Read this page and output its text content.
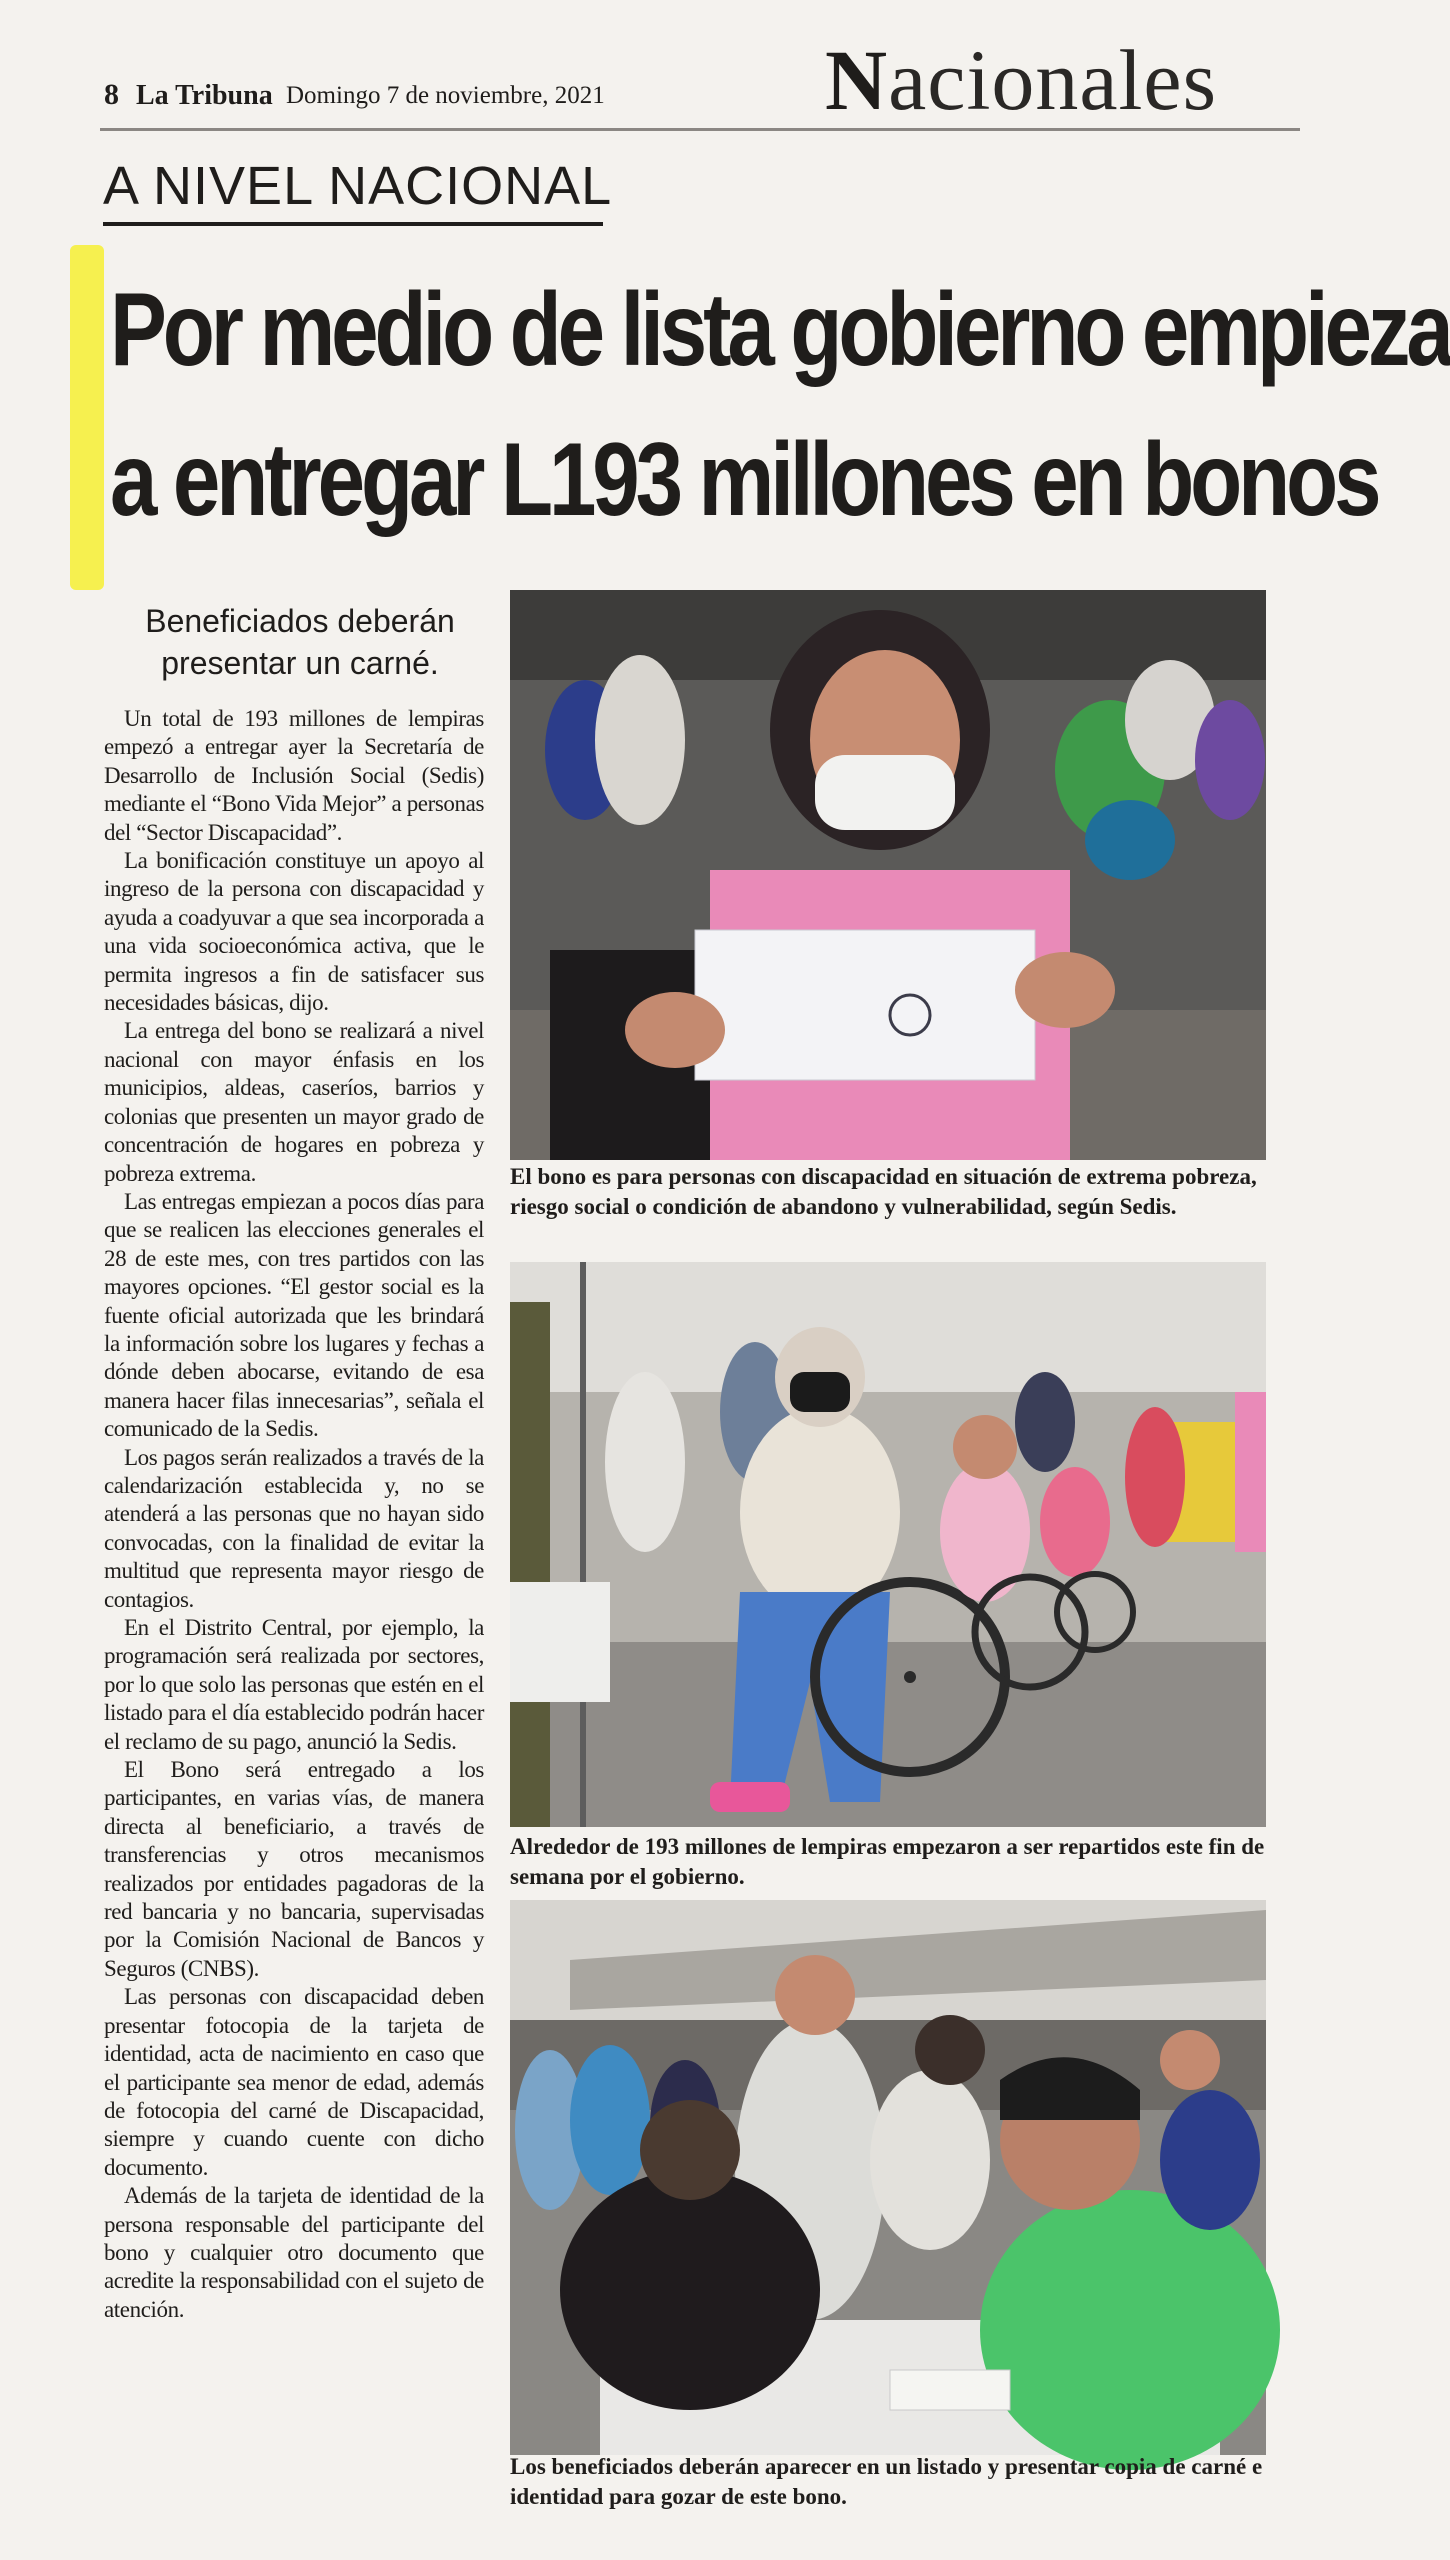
8 La Tribuna Domingo 7 de noviembre, 2021	Nacionales
A NIVEL NACIONAL
Por medio de lista gobierno empieza
a entregar L193 millones en bonos
Beneficiados deberán presentar un carné.

Un total de 193 millones de lempiras empezó a entregar ayer la Secretaría de Desarrollo de Inclusión Social (Sedis) mediante el “Bono Vida Mejor” a personas del “Sector Discapacidad”.

La bonificación constituye un apoyo al ingreso de la persona con discapacidad y ayuda a coadyuvar a que sea incorporada a una vida socioeconómica activa, que le permita ingresos a fin de satisfacer sus necesidades básicas, dijo.

La entrega del bono se realizará a nivel nacional con mayor énfasis en los municipios, aldeas, caseríos, barrios y colonias que presenten un mayor grado de concentración de hogares en pobreza y pobreza extrema.

Las entregas empiezan a pocos días para que se realicen las elecciones generales el 28 de este mes, con tres partidos con las mayores opciones. “El gestor social es la fuente oficial autorizada que les brindará la información sobre los lugares y fechas a dónde deben abocarse, evitando de esa manera hacer filas innecesarias”, señala el comunicado de la Sedis.

Los pagos serán realizados a través de la calendarización establecida y, no se atenderá a las personas que no hayan sido convocadas, con la finalidad de evitar la multitud que representa mayor riesgo de contagios.

En el Distrito Central, por ejemplo, la programación será realizada por sectores, por lo que solo las personas que estén en el listado para el día establecido podrán hacer el reclamo de su pago, anunció la Sedis.

El Bono será entregado a los participantes, en varias vías, de manera directa al beneficiario, a través de transferencias y otros mecanismos realizados por entidades pagadoras de la red bancaria y no bancaria, supervisadas por la Comisión Nacional de Bancos y Seguros (CNBS).

Las personas con discapacidad deben presentar fotocopia de la tarjeta de identidad, acta de nacimiento en caso que el participante sea menor de edad, además de fotocopia del carné de Discapacidad, siempre y cuando cuente con dicho documento.

Además de la tarjeta de identidad de la persona responsable del participante del bono y cualquier otro documento que acredite la responsabilidad con el sujeto de atención.

El bono es para personas con discapacidad en situación de extrema pobreza, riesgo social o condición de abandono y vulnerabilidad, según Sedis.
Alrededor de 193 millones de lempiras empezaron a ser repartidos este fin de semana por el gobierno.
Los beneficiados deberán aparecer en un listado y presentar copia de carné e identidad para gozar de este bono.
